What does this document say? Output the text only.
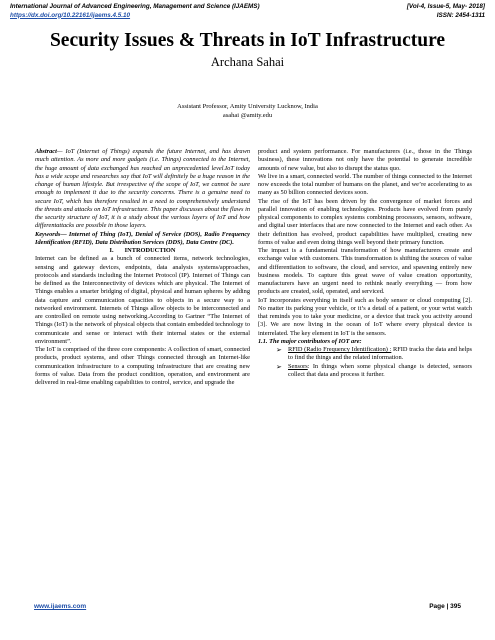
International Journal of Advanced Engineering, Management and Science (IJAEMS)	[Vol-4, Issue-5, May- 2018]
https://dx.doi.org/10.22161/ijaems.4.5.10	ISSN: 2454-1311
Security Issues & Threats in IoT Infrastructure
Archana Sahai
Assistant Professor, Amity University Lucknow, India
asahai @amity.edu

Abstract— IoT (Internet of Things) expands the future Internet, and has drawn much attention. As more and more gadgets (i.e. Things) connected to the Internet, the huge amount of data exchanged has reached an unprecedented level.IoT today has a wide scope and researches say that IoT will definitely be a huge reason in the change of human lifestyle. But irrespective of the scope of IoT, we cannot be sure enough to implement it due to the security concerns. There is a genuine need to secure IoT, which has therefore resulted in a need to comprehensively understand the threats and attacks on IoT infrastructure. This paper discusses about the flaws in the security structure of IoT, it is a study about the various layers of IoT and how differentattacks are possible in those layers.

Keywords— Internet of Thing (IoT), Denial of Service (DOS), Radio Frequency Identification (RFID), Data Distribution Services (DDS), Data Centre (DC).

I.       INTRODUCTION

Internet can be defined as a bunch of connected items, network technologies, sensing and gateway devices, endpoints, data analysis systems/approaches, protocols and standards including the Internet Protocol (IP). Internet of Things can be defined as the Interconnectivity of devices which are physical. The Internet of Things enables a smarter bridging of digital, physical and human spheres by adding data capture and communication capacities to objects in a secure way to a networked environment. Internets of Things allow objects to be interconnected and are controlled on remote using networking.According to Gartner “The Internet of Things (IoT) is the network of physical objects that contain embedded technology to communicate and sense or interact with their internal states or the external environment”.

The IoT is comprised of the three core components: A collection of smart, connected products, product systems, and other Things connected through an Internet-like communication infrastructure to a computing infrastructure that are creating new forms of value. Data from the product condition, operation, and environment are delivered in real-time enabling capabilities to control, service, and upgrade the

product and system performance. For manufacturers (i.e., those in the Things business), these innovations not only have the potential to generate incredible amounts of new value, but also to disrupt the status quo.

We live in a smart, connected world. The number of things connected to the Internet now exceeds the total number of humans on the planet, and we’re accelerating to as many as 50 billion connected devices soon.

The rise of the IoT has been driven by the convergence of market forces and parallel innovation of enabling technologies. Products have evolved from purely physical components to complex systems combining processors, sensors, software, and digital user interfaces that are now connected to the Internet and each other. As their definition has evolved, product capabilities have multiplied, creating new forms of value and even doing things well beyond their primary function.

The impact is a fundamental transformation of how manufacturers create and exchange value with customers. This transformation is shifting the sources of value and differentiation to software, the cloud, and service, and spawning entirely new business models. To capture this great wave of value creation opportunity, manufacturers have an urgent need to rethink nearly everything — from how products are created, sold, operated, and serviced.

IoT incorporates everything in itself such as body sensor or cloud computing [2]. No matter its parking your vehicle, or it’s a detail of a patient, or your wrist watch that reminds you to take your medicine, or a device that track you activity around [3]. We are now living in the ocean of IoT where every physical device is interrelated. The key element in IoT is the sensors.

1.1. The major contributors of IOT are:

➢ RFID (Radio Frequency Identification) : RFID tracks the data and helps to find the things and the related information.
➢ Sensors: In things when some physical change is detected, sensors collect that data and process it further.
www.ijaems.com	Page | 395
